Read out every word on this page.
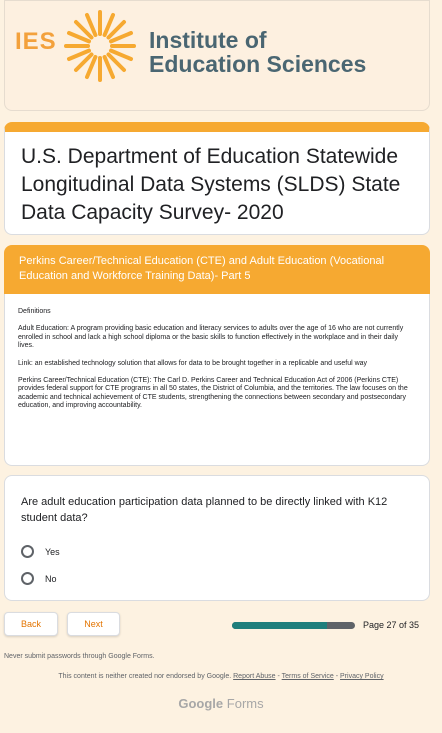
IES	Institute of
Education Sciences
U.S. Department of Education Statewide Longitudinal Data Systems (SLDS) State Data Capacity Survey- 2020
Perkins Career/Technical Education (CTE) and Adult Education (Vocational Education and Workforce Training Data)- Part 5

Definitions

Adult Education: A program providing basic education and literacy services to adults over the age of 16 who are not currently enrolled in school and lack a high school diploma or the basic skills to function effectively in the workplace and in their daily lives.

Link: an established technology solution that allows for data to be brought together in a replicable and useful way

Perkins Career/Technical Education (CTE): The Carl D. Perkins Career and Technical Education Act of 2006 (Perkins CTE) provides federal support for CTE programs in all 50 states, the District of Columbia, and the territories. The law focuses on the academic and technical achievement of CTE students, strengthening the connections between secondary and postsecondary education, and improving accountability.

Are adult education participation data planned to be directly linked with K12 student data?
Yes
No
Back	Next	Page 27 of 35
Never submit passwords through Google Forms.
This content is neither created nor endorsed by Google. Report Abuse - Terms of Service - Privacy Policy
Google Forms
